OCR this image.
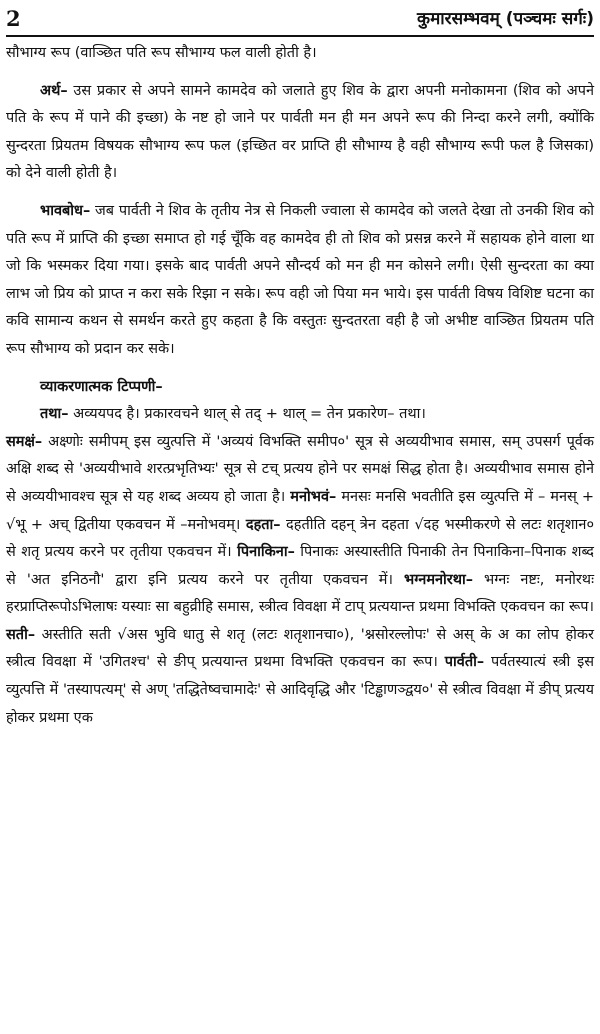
2	कुमारसम्भवम् (पञ्चमः सर्गः)

सौभाग्य रूप (वाञ्छित पति रूप सौभाग्य फल वाली होती है।

अर्थ– उस प्रकार से अपने सामने कामदेव को जलाते हुए शिव के द्वारा अपनी मनोकामना (शिव को अपने पति के रूप में पाने की इच्छा) के नष्ट हो जाने पर पार्वती मन ही मन अपने रूप की निन्दा करने लगी, क्योंकि सुन्दरता प्रियतम विषयक सौभाग्य रूप फल (इच्छित वर प्राप्ति ही सौभाग्य है वही सौभाग्य रूपी फल है जिसका) को देने वाली होती है।

भावबोध– जब पार्वती ने शिव के तृतीय नेत्र से निकली ज्वाला से कामदेव को जलते देखा तो उनकी शिव को पति रूप में प्राप्ति की इच्छा समाप्त हो गई चूँकि वह कामदेव ही तो शिव को प्रसन्न करने में सहायक होने वाला था जो कि भस्मकर दिया गया। इसके बाद पार्वती अपने सौन्दर्य को मन ही मन कोसने लगी। ऐसी सुन्दरता का क्या लाभ जो प्रिय को प्राप्त न करा सके रिझा न सके। रूप वही जो पिया मन भाये। इस पार्वती विषय विशिष्ट घटना का कवि सामान्य कथन से समर्थन करते हुए कहता है कि वस्तुतः सुन्दतरता वही है जो अभीष्ट वाञ्छित प्रियतम पति रूप सौभाग्य को प्रदान कर सके।

व्याकरणात्मक टिप्पणी–

तथा– अव्ययपद है। प्रकारवचने थाल् से तद् + थाल् = तेन प्रकारेण– तथा।

समक्षं– अक्ष्णोः समीपम् इस व्युत्पत्ति में 'अव्ययं विभक्ति समीप०' सूत्र से अव्ययीभाव समास, सम् उपसर्ग पूर्वक अक्षि शब्द से 'अव्ययीभावे शरत्प्रभृतिभ्यः' सूत्र से टच् प्रत्यय होने पर समक्षं सिद्ध होता है। अव्ययीभाव समास होने से अव्ययीभावश्च सूत्र से यह शब्द अव्यय हो जाता है। मनोभवं– मनसः मनसि भवतीति इस व्युत्पत्ति में – मनस् + √भू + अच् द्वितीया एकवचन में –मनोभवम्। दहता– दहतीति दहन् त्रेन दहता √दह भस्मीकरणे से लटः शतृशान० से शतृ प्रत्यय करने पर तृतीया एकवचन में। पिनाकिना– पिनाकः अस्यास्तीति पिनाकी तेन पिनाकिना–पिनाक शब्द से 'अत इनिठनौ' द्वारा इनि प्रत्यय करने पर तृतीया एकवचन में। भग्नमनोरथा– भग्नः नष्टः, मनोरथः हरप्राप्तिरूपोऽभिलाषः यस्याः सा बहुव्रीहि समास, स्त्रीत्व विवक्षा में टाप् प्रत्ययान्त प्रथमा विभक्ति एकवचन का रूप। सती– अस्तीति सती √अस भुवि धातु से शतृ (लटः शतृशानचा०), 'श्नसोरल्लोपः' से अस् के अ का लोप होकर स्त्रीत्व विवक्षा में 'उगितश्च' से ङीप् प्रत्ययान्त प्रथमा विभक्ति एकवचन का रूप। पार्वती– पर्वतस्यात्यं स्त्री इस व्युत्पत्ति में 'तस्यापत्यम्' से अण् 'तद्धितेष्वचामादेः' से आदिवृद्धि और 'टिड्ढाणञ्द्वय०' से स्त्रीत्व विवक्षा में ङीप् प्रत्यय होकर प्रथमा एक
